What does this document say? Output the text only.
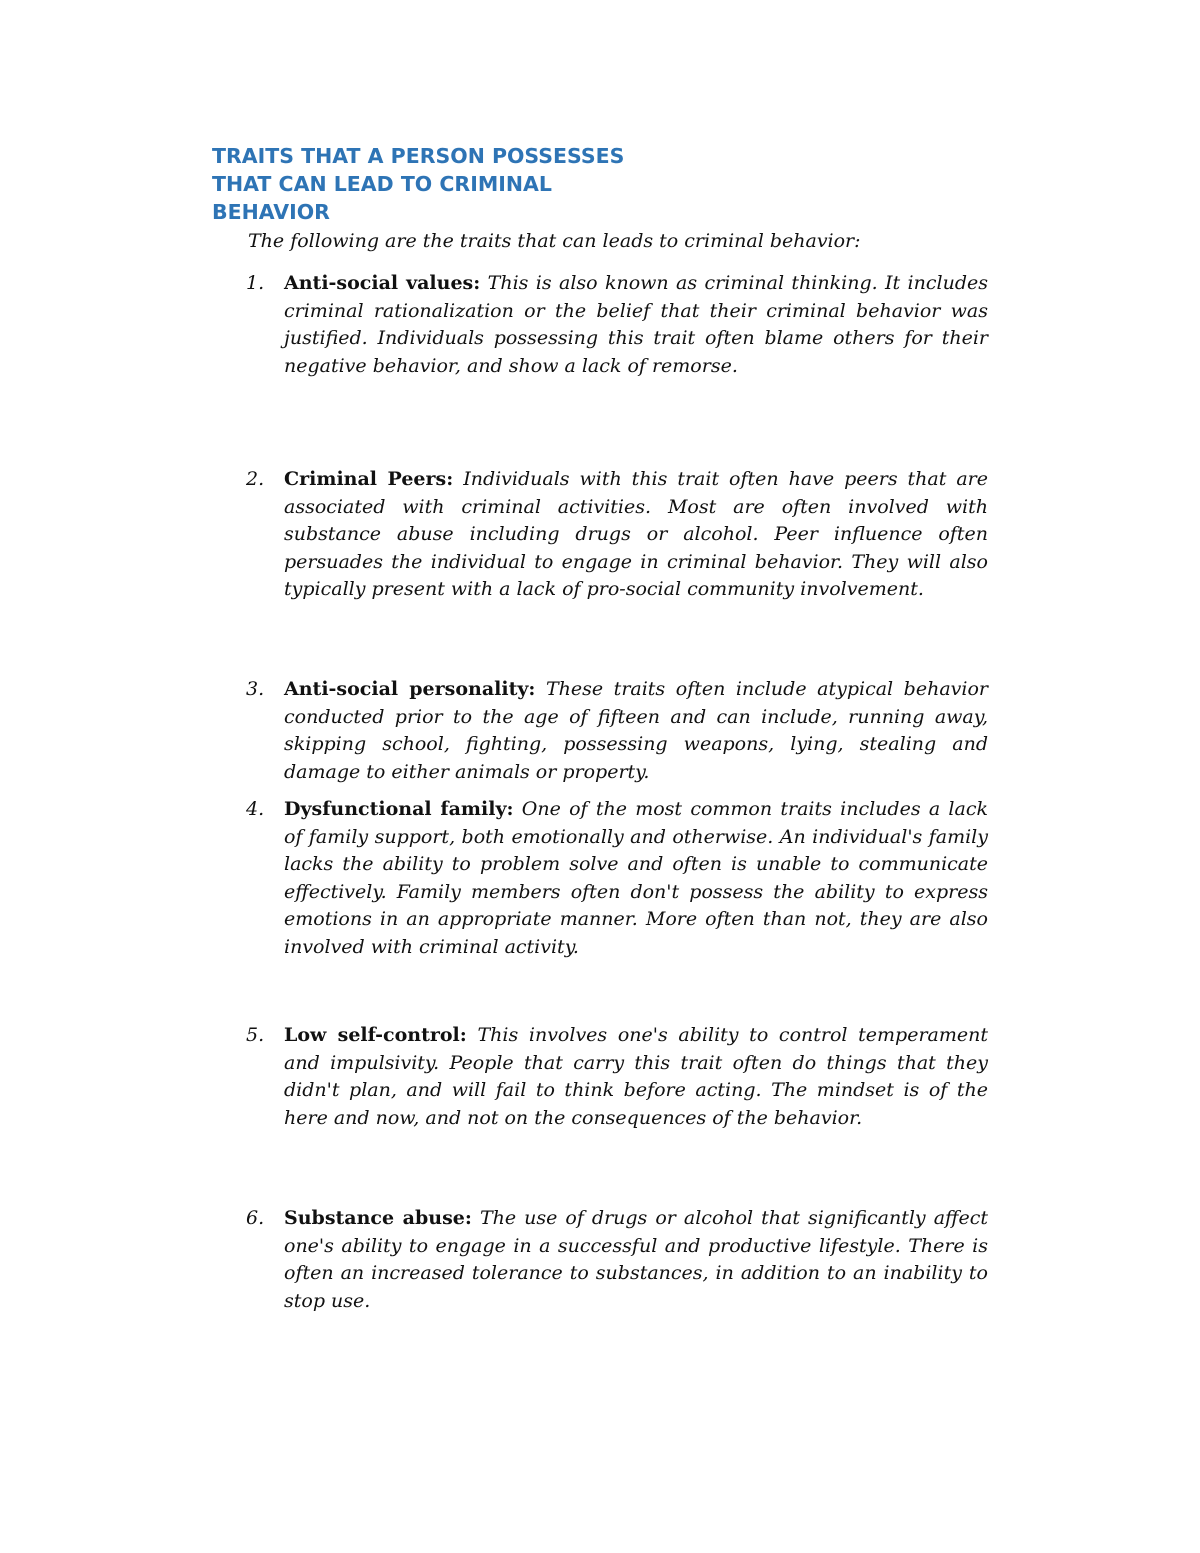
TRAITS THAT A PERSON POSSESSES
THAT CAN LEAD TO CRIMINAL
BEHAVIOR
The following are the traits that can leads to criminal behavior:
1. Anti-social values: This is also known as criminal thinking. It includes criminal rationalization or the belief that their criminal behavior was justified. Individuals possessing this trait often blame others for their negative behavior, and show a lack of remorse.
2. Criminal Peers: Individuals with this trait often have peers that are associated with criminal activities. Most are often involved with substance abuse including drugs or alcohol. Peer influence often persuades the individual to engage in criminal behavior. They will also typically present with a lack of pro-social community involvement.
3. Anti-social personality: These traits often include atypical behavior conducted prior to the age of fifteen and can include, running away, skipping school, fighting, possessing weapons, lying, stealing and damage to either animals or property.
4. Dysfunctional family: One of the most common traits includes a lack of family support, both emotionally and otherwise. An individual's family lacks the ability to problem solve and often is unable to communicate effectively. Family members often don't possess the ability to express emotions in an appropriate manner. More often than not, they are also involved with criminal activity.
5. Low self-control: This involves one's ability to control temperament and impulsivity. People that carry this trait often do things that they didn't plan, and will fail to think before acting. The mindset is of the here and now, and not on the consequences of the behavior.
6. Substance abuse: The use of drugs or alcohol that significantly affect one's ability to engage in a successful and productive lifestyle. There is often an increased tolerance to substances, in addition to an inability to stop use.
